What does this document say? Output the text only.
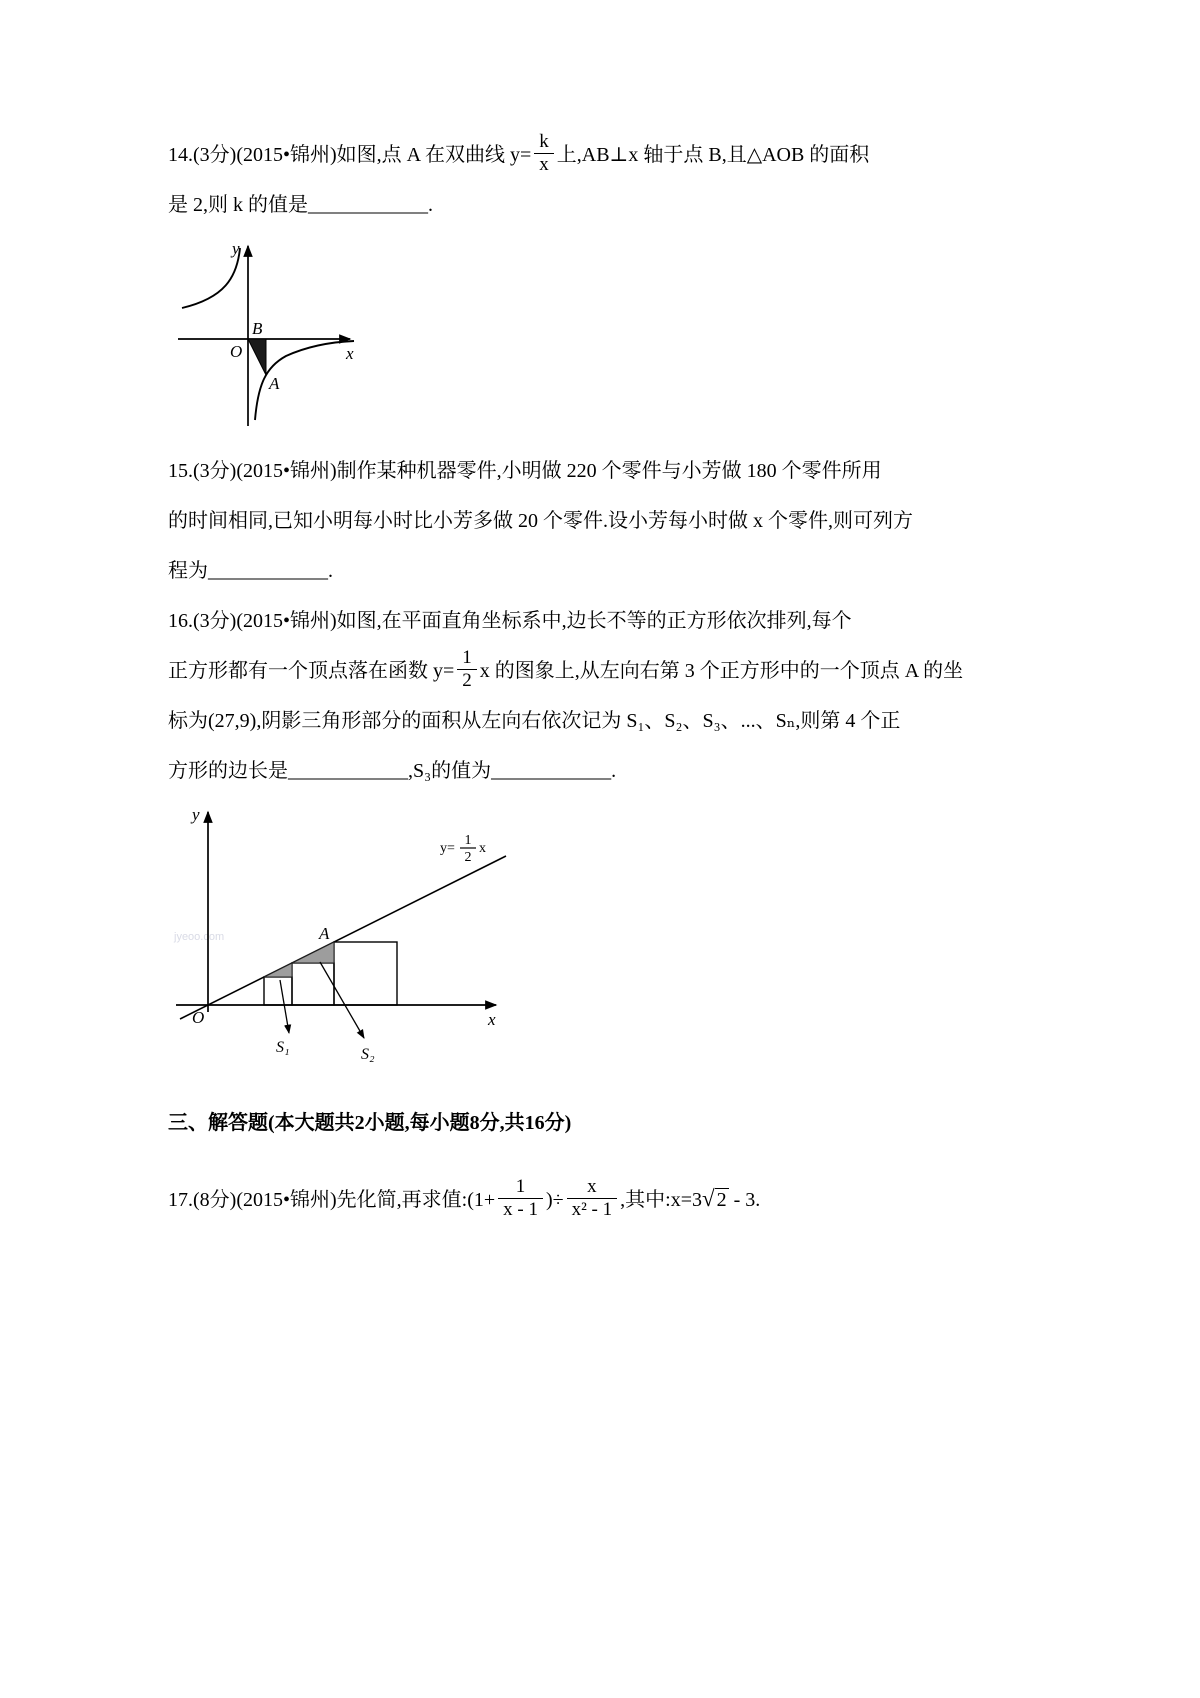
14.(3分)(2015•锦州)如图,点 A 在双曲线 $y= \frac{k}{x}$ 上,AB⊥x 轴于点 B,且△AOB 的面积
是 2,则 k 的值是____________.
y
x
O
B
A
15.(3分)(2015•锦州)制作某种机器零件,小明做 220 个零件与小芳做 180 个零件所用
的时间相同,已知小明每小时比小芳多做 20 个零件.设小芳每小时做 x 个零件,则可列方
程为____________.
16.(3分)(2015•锦州)如图,在平面直角坐标系中,边长不等的正方形依次排列,每个
正方形都有一个顶点落在函数 $y= \frac{1}{2}$ x 的图象上,从左向右第 3 个正方形中的一个顶点 A 的坐
标为(27,9),阴影三角形部分的面积从左向右依次记为 S₁、S₂、S₃、...、Sₙ,则第 4 个正
方形的边长是____________,S₃的值为____________.
jyeoo.com
y
x
O
A
y=
1
2
x
S₁	S₂
三、解答题(本大题共2小题,每小题8分,共16分)
17.(8分)(2015•锦州)先化简,再求值:(1+ $\frac{1}{x - 1}$ )÷ $\frac{x}{\text{x² - 1}}$ ,其中:x=3√ 2 - 3.
